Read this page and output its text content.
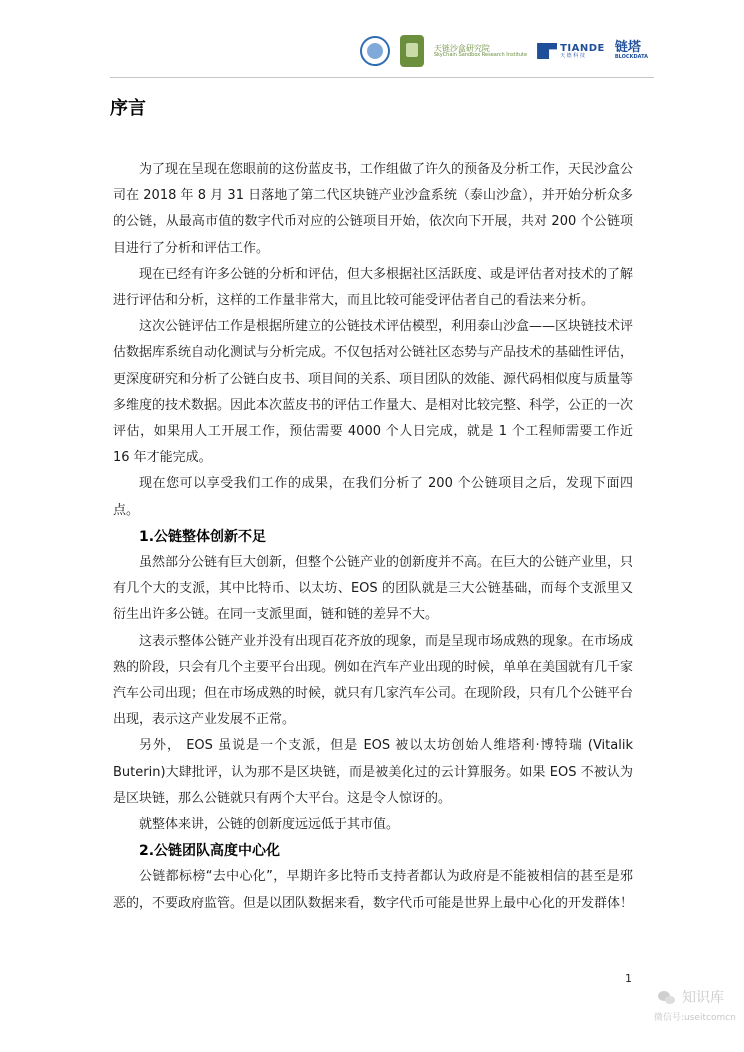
天链沙盒研究院
SkyChain Sandbox Research Institute
TIANDE
天 德 科 技
链塔
BLOCKDATA
序言

为了现在呈现在您眼前的这份蓝皮书，工作组做了许久的预备及分析工作，天民沙盒公司在 2018 年 8 月 31 日落地了第二代区块链产业沙盒系统（泰山沙盒），并开始分析众多的公链，从最高市值的数字代币对应的公链项目开始，依次向下开展，共对 200 个公链项目进行了分析和评估工作。

现在已经有许多公链的分析和评估，但大多根据社区活跃度、或是评估者对技术的了解进行评估和分析，这样的工作量非常大，而且比较可能受评估者自己的看法来分析。

这次公链评估工作是根据所建立的公链技术评估模型，利用泰山沙盒——区块链技术评估数据库系统自动化测试与分析完成。不仅包括对公链社区态势与产品技术的基础性评估，更深度研究和分析了公链白皮书、项目间的关系、项目团队的效能、源代码相似度与质量等多维度的技术数据。因此本次蓝皮书的评估工作量大、是相对比较完整、科学，公正的一次评估，如果用人工开展工作，预估需要 4000 个人日完成，就是 1 个工程师需要工作近 16 年才能完成。

现在您可以享受我们工作的成果，在我们分析了 200 个公链项目之后，发现下面四点。

1.公链整体创新不足

虽然部分公链有巨大创新，但整个公链产业的创新度并不高。在巨大的公链产业里，只有几个大的支派，其中比特币、以太坊、EOS 的团队就是三大公链基础，而每个支派里又衍生出许多公链。在同一支派里面，链和链的差异不大。

这表示整体公链产业并没有出现百花齐放的现象，而是呈现市场成熟的现象。在市场成熟的阶段，只会有几个主要平台出现。例如在汽车产业出现的时候，单单在美国就有几千家汽车公司出现；但在市场成熟的时候，就只有几家汽车公司。在现阶段，只有几个公链平台出现，表示这产业发展不正常。

另外， EOS 虽说是一个支派，但是 EOS 被以太坊创始人维塔利·博特瑞 (Vitalik Buterin)大肆批评，认为那不是区块链，而是被美化过的云计算服务。如果 EOS 不被认为是区块链，那么公链就只有两个大平台。这是令人惊讶的。

就整体来讲，公链的创新度远远低于其市值。

2.公链团队高度中心化

公链都标榜“去中心化”，早期许多比特币支持者都认为政府是不能被相信的甚至是邪恶的，不要政府监管。但是以团队数据来看，数字代币可能是世界上最中心化的开发群体！

1
知识库
微信号:useitcomcn
